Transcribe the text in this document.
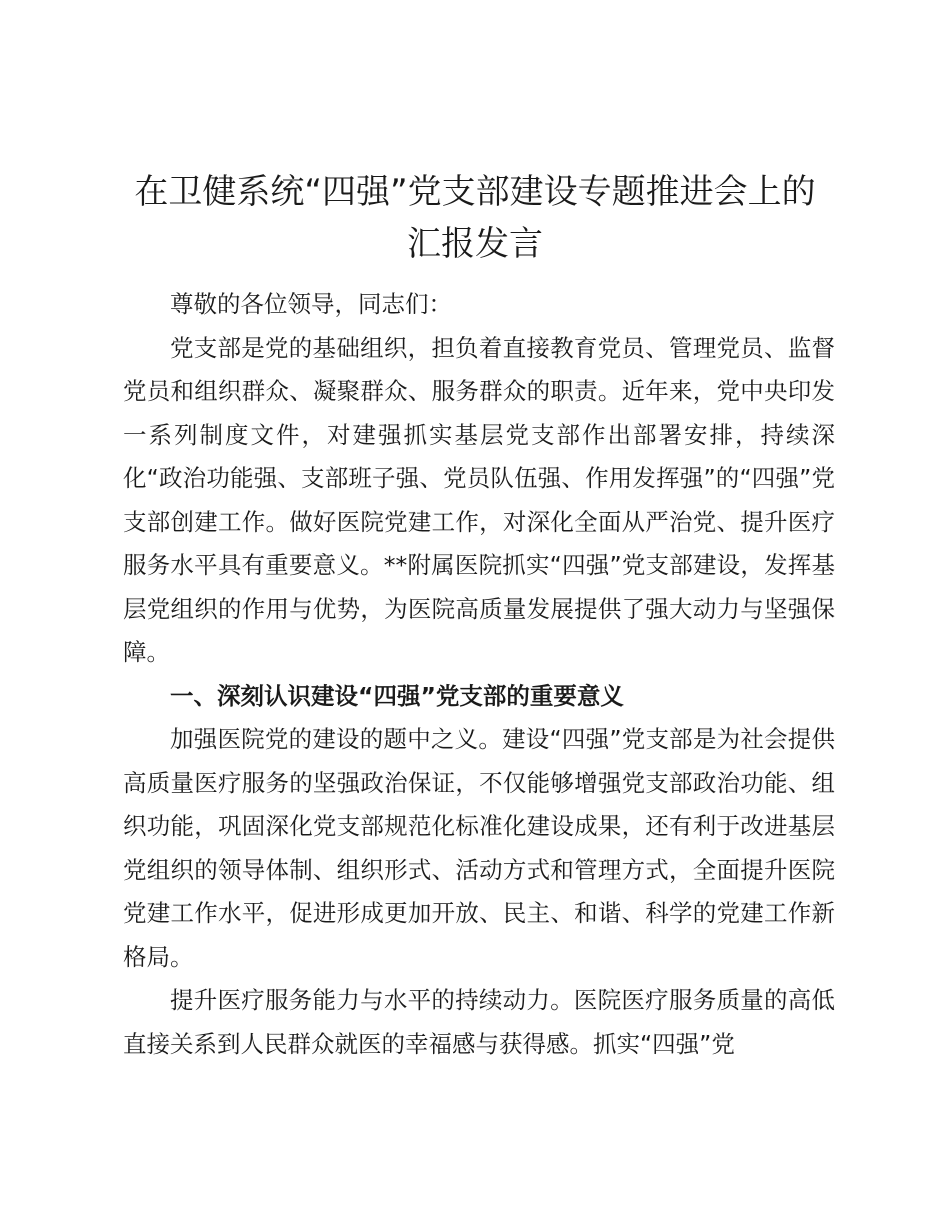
在卫健系统“四强”党支部建设专题推进会上的
汇报发言

尊敬的各位领导，同志们：

党支部是党的基础组织，担负着直接教育党员、管理党员、监督党员和组织群众、凝聚群众、服务群众的职责。近年来，党中央印发一系列制度文件，对建强抓实基层党支部作出部署安排，持续深化“政治功能强、支部班子强、党员队伍强、作用发挥强”的“四强”党支部创建工作。做好医院党建工作，对深化全面从严治党、提升医疗服务水平具有重要意义。**附属医院抓实“四强”党支部建设，发挥基层党组织的作用与优势，为医院高质量发展提供了强大动力与坚强保障。

一、深刻认识建设“四强”党支部的重要意义

加强医院党的建设的题中之义。建设“四强”党支部是为社会提供高质量医疗服务的坚强政治保证，不仅能够增强党支部政治功能、组织功能，巩固深化党支部规范化标准化建设成果，还有利于改进基层党组织的领导体制、组织形式、活动方式和管理方式，全面提升医院党建工作水平，促进形成更加开放、民主、和谐、科学的党建工作新格局。

提升医疗服务能力与水平的持续动力。医院医疗服务质量的高低直接关系到人民群众就医的幸福感与获得感。抓实“四强”党
